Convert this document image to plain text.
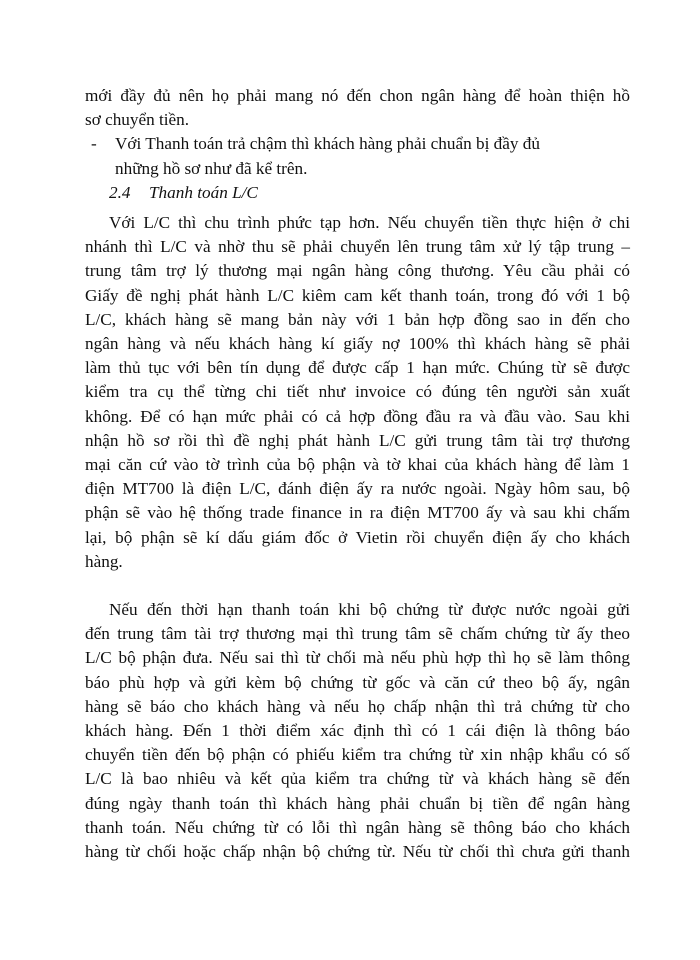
mới đầy đủ nên họ phải mang nó đến chon ngân hàng để hoàn thiện hồ
sơ chuyển tiền.

- Với Thanh toán trả chậm thì khách hàng phải chuẩn bị đầy đủ
những hồ sơ như đã kể trên.

2.4 Thanh toán L/C

Với L/C thì chu trình phức tạp hơn. Nếu chuyển tiền thực hiện ở chi
nhánh thì L/C và nhờ thu sẽ phải chuyển lên trung tâm xử lý tập trung –
trung tâm trợ lý thương mại ngân hàng công thương. Yêu cầu phải có
Giấy đề nghị phát hành L/C kiêm cam kết thanh toán, trong đó với 1 bộ
L/C, khách hàng sẽ mang bản này với 1 bản hợp đồng sao in đến cho
ngân hàng và nếu khách hàng kí giấy nợ 100% thì khách hàng sẽ phải
làm thủ tục với bên tín dụng để được cấp 1 hạn mức. Chúng từ sẽ được
kiểm tra cụ thể từng chi tiết như invoice có đúng tên người sản xuất
không. Để có hạn mức phải có cả hợp đồng đầu ra và đầu vào. Sau khi
nhận hồ sơ rồi thì đề nghị phát hành L/C gửi trung tâm tài trợ thương
mại căn cứ vào tờ trình của bộ phận và tờ khai của khách hàng để làm 1
điện MT700 là điện L/C, đánh điện ấy ra nước ngoài. Ngày hôm sau, bộ
phận sẽ vào hệ thống trade finance in ra điện MT700 ấy và sau khi chấm
lại, bộ phận sẽ kí dấu giám đốc ở Vietin rồi chuyển điện ấy cho khách
hàng.

Nếu đến thời hạn thanh toán khi bộ chứng từ được nước ngoài gửi
đến trung tâm tài trợ thương mại thì trung tâm sẽ chấm chứng từ ấy theo
L/C bộ phận đưa. Nếu sai thì từ chối mà nếu phù hợp thì họ sẽ làm thông
báo phù hợp và gửi kèm bộ chứng từ gốc và căn cứ theo bộ ấy, ngân
hàng sẽ báo cho khách hàng và nếu họ chấp nhận thì trả chứng từ cho
khách hàng. Đến 1 thời điểm xác định thì có 1 cái điện là thông báo
chuyển tiền đến bộ phận có phiếu kiểm tra chứng từ xin nhập khẩu có số
L/C là bao nhiêu và kết qủa kiểm tra chứng từ và khách hàng sẽ đến
đúng ngày thanh toán thì khách hàng phải chuẩn bị tiền để ngân hàng
thanh toán. Nếu chứng từ có lỗi thì ngân hàng sẽ thông báo cho khách
hàng từ chối hoặc chấp nhận bộ chứng từ. Nếu từ chối thì chưa gửi thanh
